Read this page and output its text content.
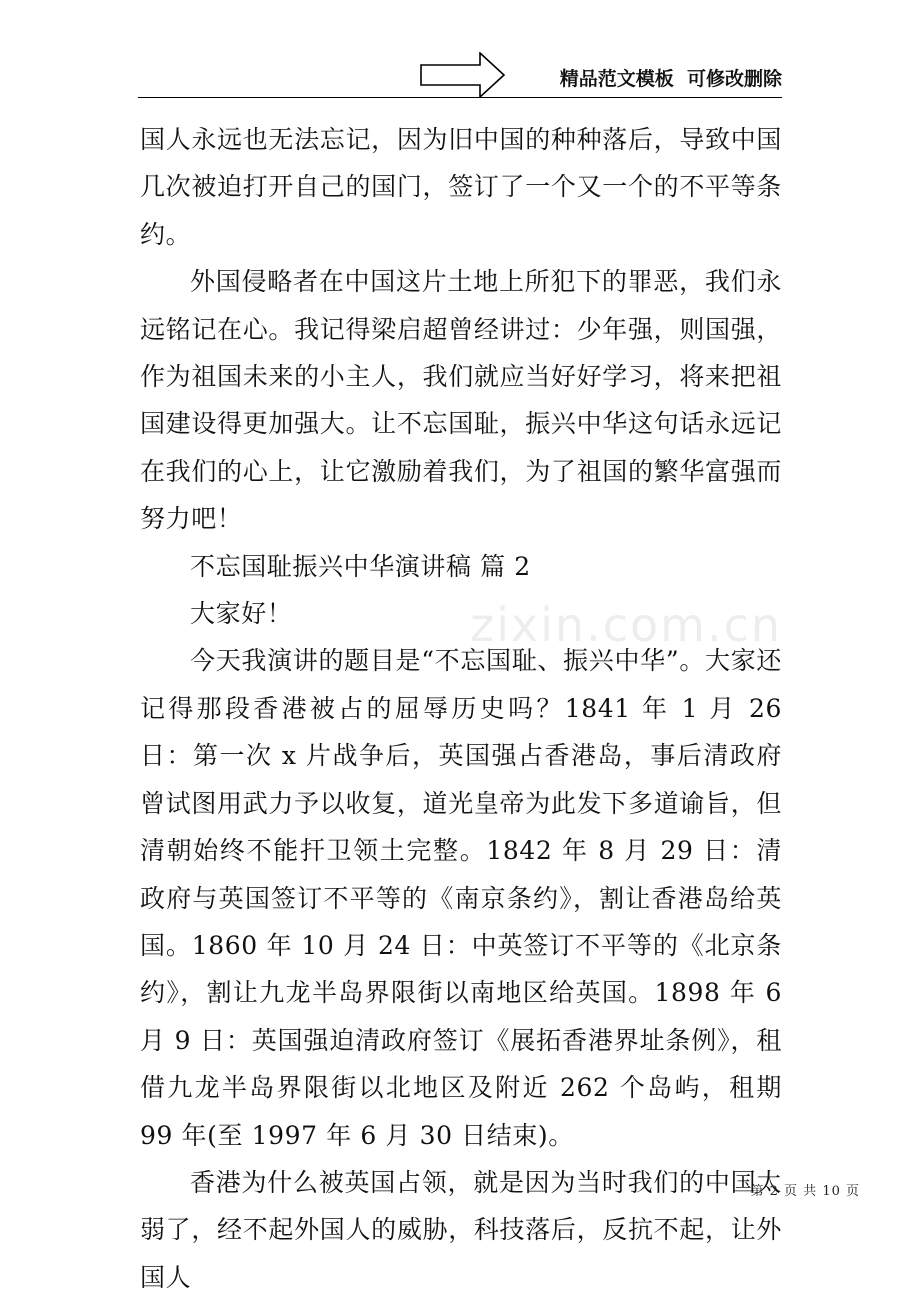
精品范文模板  可修改删除

国人永远也无法忘记，因为旧中国的种种落后，导致中国几次被迫打开自己的国门，签订了一个又一个的不平等条约。

外国侵略者在中国这片土地上所犯下的罪恶，我们永远铭记在心。我记得梁启超曾经讲过：少年强，则国强，作为祖国未来的小主人，我们就应当好好学习，将来把祖国建设得更加强大。让不忘国耻，振兴中华这句话永远记在我们的心上，让它激励着我们，为了祖国的繁华富强而努力吧！

不忘国耻振兴中华演讲稿 篇 2

大家好！

今天我演讲的题目是“不忘国耻、振兴中华”。大家还记得那段香港被占的屈辱历史吗？1841 年 1 月 26 日：第一次 x 片战争后，英国强占香港岛，事后清政府曾试图用武力予以收复，道光皇帝为此发下多道谕旨，但清朝始终不能扞卫领土完整。1842 年 8 月 29 日：清政府与英国签订不平等的《南京条约》，割让香港岛给英国。1860 年 10 月 24 日：中英签订不平等的《北京条约》，割让九龙半岛界限街以南地区给英国。1898 年 6 月 9 日：英国强迫清政府签订《展拓香港界址条例》，租借九龙半岛界限街以北地区及附近 262 个岛屿，租期 99 年(至 1997 年 6 月 30 日结束)。

香港为什么被英国占领，就是因为当时我们的中国太弱了，经不起外国人的威胁，科技落后，反抗不起，让外国人

zixin.com.cn
第 2 页 共 10 页
